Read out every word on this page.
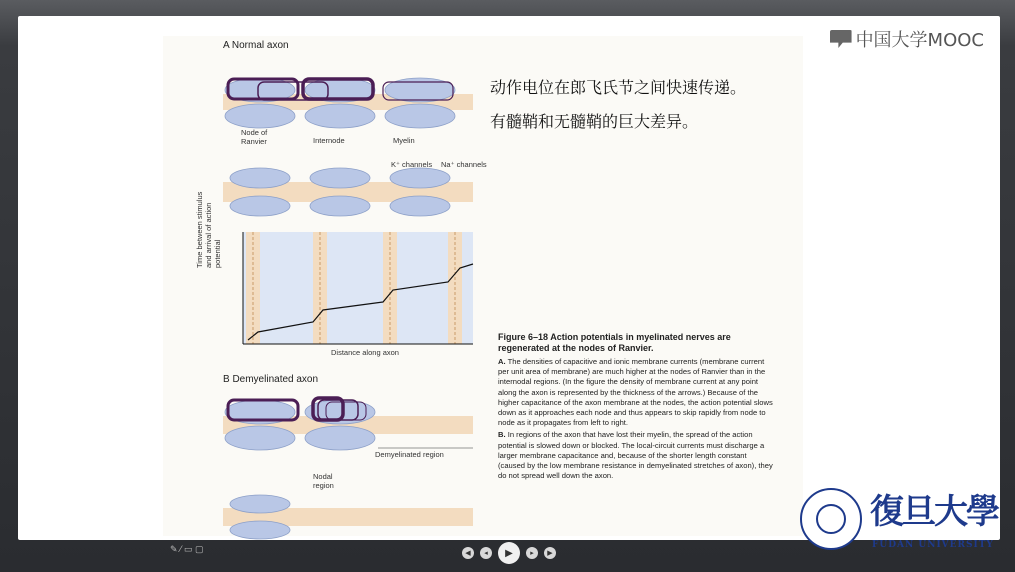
中国大学MOOC
A Normal axon
Node of Ranvier	Internode	Myelin
K⁺ channels Na⁺ channels
Time between stimulus and arrival of action potential
Distance along axon
B Demyelinated axon
Demyelinated region
Nodal region
Figure 6–18 Action potentials in myelinated nerves are regenerated at the nodes of Ranvier.

A. The densities of capacitive and ionic membrane currents (membrane current per unit area of membrane) are much higher at the nodes of Ranvier than in the internodal regions. (In the figure the density of membrane current at any point along the axon is represented by the thickness of the arrows.) Because of the higher capacitance of the axon membrane at the nodes, the action potential slows down as it approaches each node and thus appears to skip rapidly from node to node as it propagates from left to right.

B. In regions of the axon that have lost their myelin, the spread of the action potential is slowed down or blocked. The local-circuit currents must discharge a larger membrane capacitance and, because of the shorter length constant (caused by the low membrane resistance in demyelinated stretches of axon), they do not spread well down the axon.

动作电位在郎飞氏节之间快速传递。

有髓鞘和无髓鞘的巨大差异。

復旦大學
FUDAN UNIVERSITY
✎ ⁄ ▭ ▢	◀	◂	▶	▸	▶
